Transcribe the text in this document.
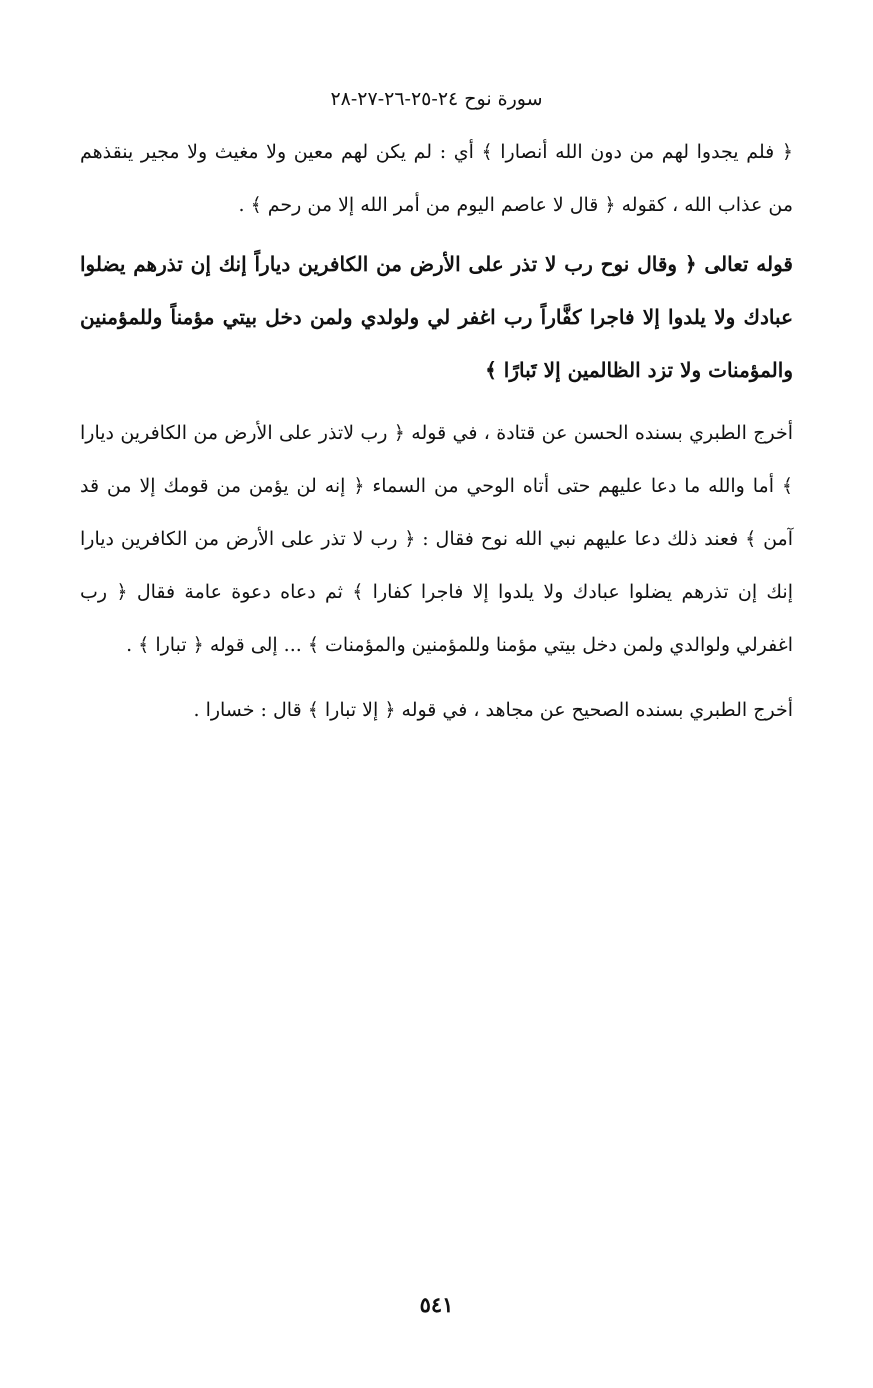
سورة نوح ٢٤-٢٥-٢٦-٢٧-٢٨

﴿ فلم يجدوا لهم من دون الله أنصارا ﴾ أي : لم يكن لهم معين ولا مغيث ولا مجير ينقذهم من عذاب الله ، كقوله ﴿ قال لا عاصم اليوم من أمر الله إلا من رحم ﴾ .

قوله تعالى ﴿ وقال نوح رب لا تذر على الأرض من الكافرين دياراً إنك إن تذرهم يضلوا عبادك ولا يلدوا إلا فاجرا كفَّاراً رب اغفر لي ولولدي ولمن دخل بيتي مؤمناً وللمؤمنين والمؤمنات ولا تزد الظالمين إلا تَبارًا ﴾

أخرج الطبري بسنده الحسن عن قتادة ، في قوله ﴿ رب لاتذر على الأرض من الكافرين ديارا ﴾ أما والله ما دعا عليهم حتى أتاه الوحي من السماء ﴿ إنه لن يؤمن من قومك إلا من قد آمن ﴾ فعند ذلك دعا عليهم نبي الله نوح فقال : ﴿ رب لا تذر على الأرض من الكافرين ديارا إنك إن تذرهم يضلوا عبادك ولا يلدوا إلا فاجرا كفارا ﴾ ثم دعاه دعوة عامة فقال ﴿ رب اغفرلي ولوالدي ولمن دخل بيتي مؤمنا وللمؤمنين والمؤمنات ﴾ ... إلى قوله ﴿ تبارا ﴾ .

أخرج الطبري بسنده الصحيح عن مجاهد ، في قوله ﴿ إلا تبارا ﴾ قال : خسارا .

٥٤١
